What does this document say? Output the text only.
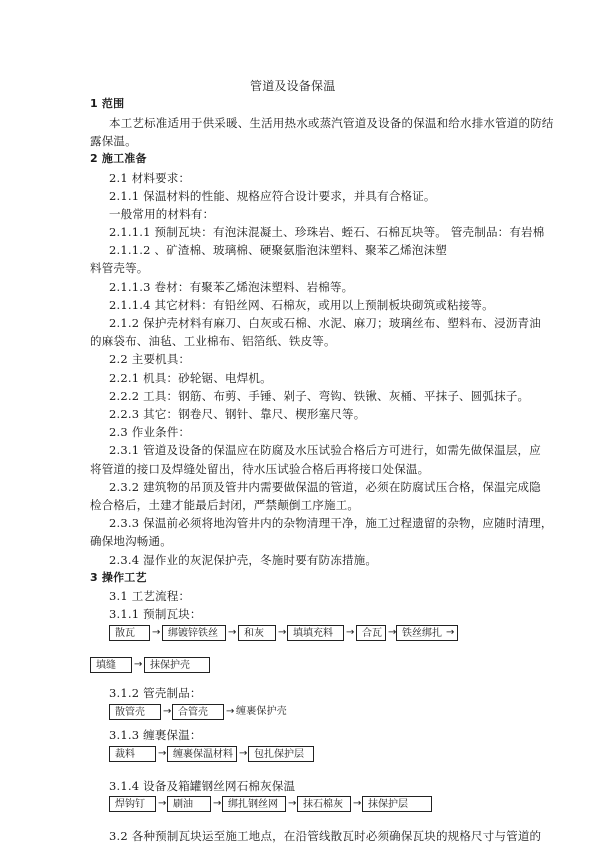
管道及设备保温
1 范围
本工艺标准适用于供采暖、生活用热水或蒸汽管道及设备的保温和给水排水管道的防结
露保温。
2 施工准备
2.1 材料要求：
2.1.1 保温材料的性能、规格应符合设计要求，并具有合格证。
一般常用的材料有：
2.1.1.1 预制瓦块：有泡沫混凝土、珍珠岩、蛭石、石棉瓦块等。 管壳制品：有岩棉
2.1.1.2 、矿渣棉、玻璃棉、硬聚氨脂泡沫塑料、聚苯乙烯泡沫塑
料管壳等。
2.1.1.3 卷材：有聚苯乙烯泡沫塑料、岩棉等。
2.1.1.4 其它材料：有铅丝网、石棉灰，或用以上预制板块砌筑或粘接等。
2.1.2 保护壳材料有麻刀、白灰或石棉、水泥、麻刀；玻璃丝布、塑料布、浸沥青油
的麻袋布、油毡、工业棉布、铝箔纸、铁皮等。
2.2 主要机具：
2.2.1 机具：砂轮锯、电焊机。
2.2.2 工具：钢筋、布剪、手锤、剁子、弯钩、铁锹、灰桶、平抹子、圆弧抹子。
2.2.3 其它：钢卷尺、钢针、靠尺、楔形塞尺等。
2.3 作业条件：
2.3.1 管道及设备的保温应在防腐及水压试验合格后方可进行，如需先做保温层，应
将管道的接口及焊缝处留出，待水压试验合格后再将接口处保温。
2.3.2 建筑物的吊顶及管井内需要做保温的管道，必须在防腐试压合格，保温完成隐
检合格后，土建才能最后封闭，严禁颠倒工序施工。
2.3.3 保温前必须将地沟管井内的杂物清理干净，施工过程遗留的杂物，应随时清理，
确保地沟畅通。
2.3.4 湿作业的灰泥保护壳，冬施时要有防冻措施。
3 操作工艺
3.1 工艺流程：
3.1.1 预制瓦块：
散瓦	→ 绑镀锌铁丝	→ 和灰	→ 填填充料	→ 合瓦 → 铁丝绑扎 →
填缝	→ 抹保护壳
3.1.2 管壳制品：
散管壳	→ 合管壳	→ 缠裹保护壳
3.1.3 缠裹保温：
裁料	→ 缠裹保温材料 → 包扎保护层
3.1.4 设备及箱罐钢丝网石棉灰保温
焊钩钉	→ 刷油	→ 绑扎钢丝网	→ 抹石棉灰	→ 抹保护层
3.2 各种预制瓦块运至施工地点，在沿管线散瓦时必须确保瓦块的规格尺寸与管道的
